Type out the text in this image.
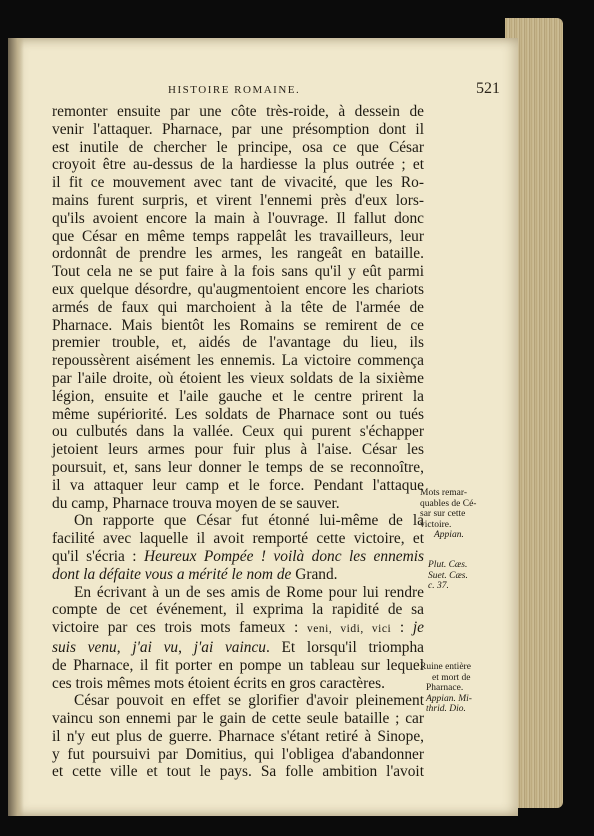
HISTOIRE ROMAINE.	521

remonter ensuite par une côte très-roide, à dessein de
venir l'attaquer. Pharnace, par une présomption dont il
est inutile de chercher le principe, osa ce que César
croyoit être au-dessus de la hardiesse la plus outrée ; et
il fit ce mouvement avec tant de vivacité, que les Ro-
mains furent surpris, et virent l'ennemi près d'eux lors-
qu'ils avoient encore la main à l'ouvrage. Il fallut donc
que César en même temps rappelât les travailleurs, leur
ordonnât de prendre les armes, les rangeât en bataille.
Tout cela ne se put faire à la fois sans qu'il y eût parmi
eux quelque désordre, qu'augmentoient encore les chariots
armés de faux qui marchoient à la tête de l'armée de
Pharnace. Mais bientôt les Romains se remirent de ce
premier trouble, et, aidés de l'avantage du lieu, ils
repoussèrent aisément les ennemis. La victoire commença
par l'aile droite, où étoient les vieux soldats de la sixième
légion, ensuite et l'aile gauche et le centre prirent la
même supériorité. Les soldats de Pharnace sont ou tués
ou culbutés dans la vallée. Ceux qui purent s'échapper
jetoient leurs armes pour fuir plus à l'aise. César les
poursuit, et, sans leur donner le temps de se reconnoître,
il va attaquer leur camp et le force. Pendant l'attaque
du camp, Pharnace trouva moyen de se sauver.

On rapporte que César fut étonné lui-même de la
facilité avec laquelle il avoit remporté cette victoire, et
qu'il s'écria : Heureux Pompée ! voilà donc les ennemis
dont la défaite vous a mérité le nom de Grand.

En écrivant à un de ses amis de Rome pour lui rendre
compte de cet événement, il exprima la rapidité de sa
victoire par ces trois mots fameux : veni, vidi, vici : je
suis venu, j'ai vu, j'ai vaincu. Et lorsqu'il triompha
de Pharnace, il fit porter en pompe un tableau sur lequel
ces trois mêmes mots étoient écrits en gros caractères.

César pouvoit en effet se glorifier d'avoir pleinement
vaincu son ennemi par le gain de cette seule bataille ; car
il n'y eut plus de guerre. Pharnace s'étant retiré à Sinope,
y fut poursuivi par Domitius, qui l'obligea d'abandonner
et cette ville et tout le pays. Sa folle ambition l'avoit

Mots remar-
quables de Cé-
sar sur cette
victoire.
Appian.
Plut. Cæs.
Suet. Cæs.
c. 37.
Ruine entière
et mort de
Pharnace.
Appian. Mi-
thrid. Dio.
